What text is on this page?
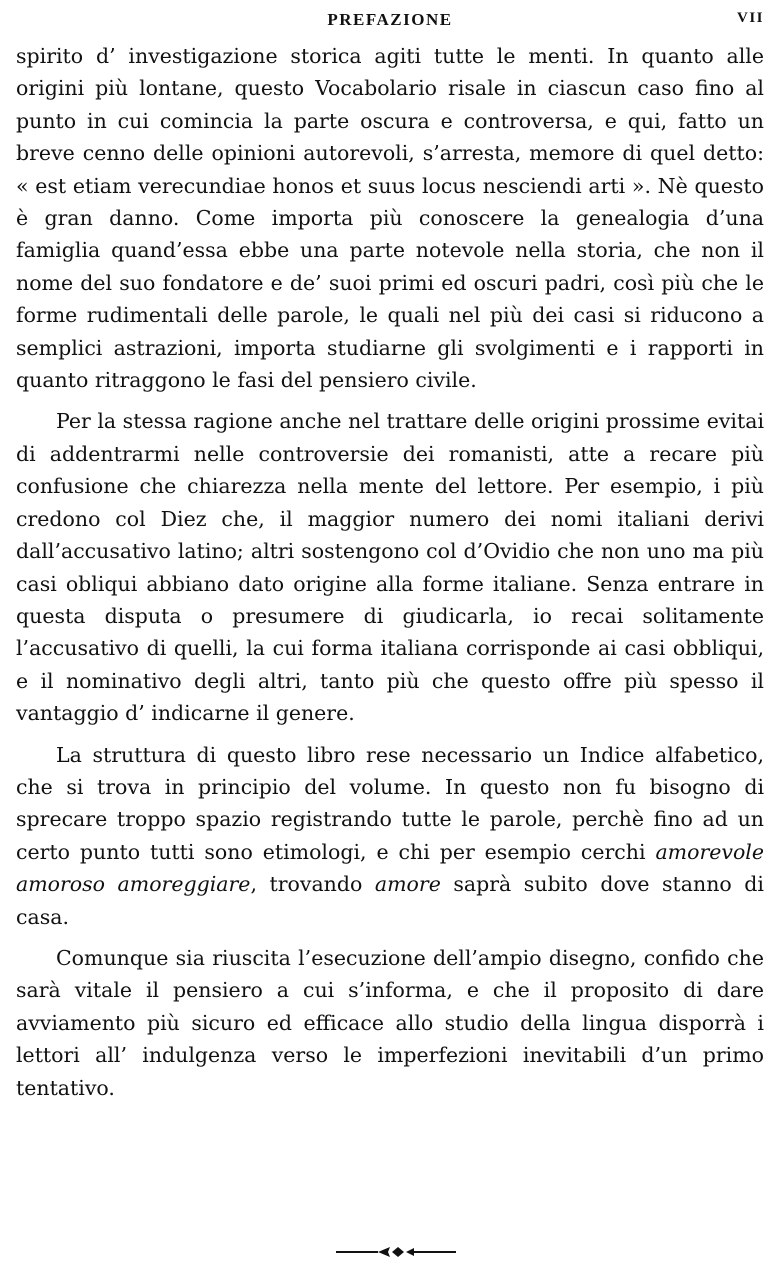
PREFAZIONE	VII

spirito d’ investigazione storica agiti tutte le menti. In quanto alle origini più lontane, questo Vocabolario risale in ciascun caso fino al punto in cui comincia la parte oscura e controversa, e qui, fatto un breve cenno delle opinioni autorevoli, s’arresta, memore di quel detto: « est etiam verecundiae honos et suus locus nesciendi arti ». Nè questo è gran danno. Come importa più conoscere la genealogia d’una famiglia quand’essa ebbe una parte notevole nella storia, che non il nome del suo fondatore e de’ suoi primi ed oscuri padri, così più che le forme rudimentali delle parole, le quali nel più dei casi si riducono a semplici astrazioni, importa studiarne gli svolgimenti e i rapporti in quanto ritraggono le fasi del pensiero civile.

Per la stessa ragione anche nel trattare delle origini prossime evitai di addentrarmi nelle controversie dei romanisti, atte a recare più confusione che chiarezza nella mente del lettore. Per esempio, i più credono col Diez che, il maggior numero dei nomi italiani derivi dall’accusativo latino; altri sostengono col d’Ovidio che non uno ma più casi obliqui abbiano dato origine alla forme italiane. Senza entrare in questa disputa o presumere di giudicarla, io recai solitamente l’accusativo di quelli, la cui forma italiana corrisponde ai casi obbliqui, e il nominativo degli altri, tanto più che questo offre più spesso il vantaggio d’ indicarne il genere.

La struttura di questo libro rese necessario un Indice alfabetico, che si trova in principio del volume. In questo non fu bisogno di sprecare troppo spazio registrando tutte le parole, perchè fino ad un certo punto tutti sono etimologi, e chi per esempio cerchi amorevole amoroso amoreggiare, trovando amore saprà subito dove stanno di casa.

Comunque sia riuscita l’esecuzione dell’ampio disegno, confido che sarà vitale il pensiero a cui s’informa, e che il proposito di dare avviamento più sicuro ed efficace allo studio della lingua disporrà i lettori all’ indulgenza verso le imperfezioni inevitabili d’un primo tentativo.
